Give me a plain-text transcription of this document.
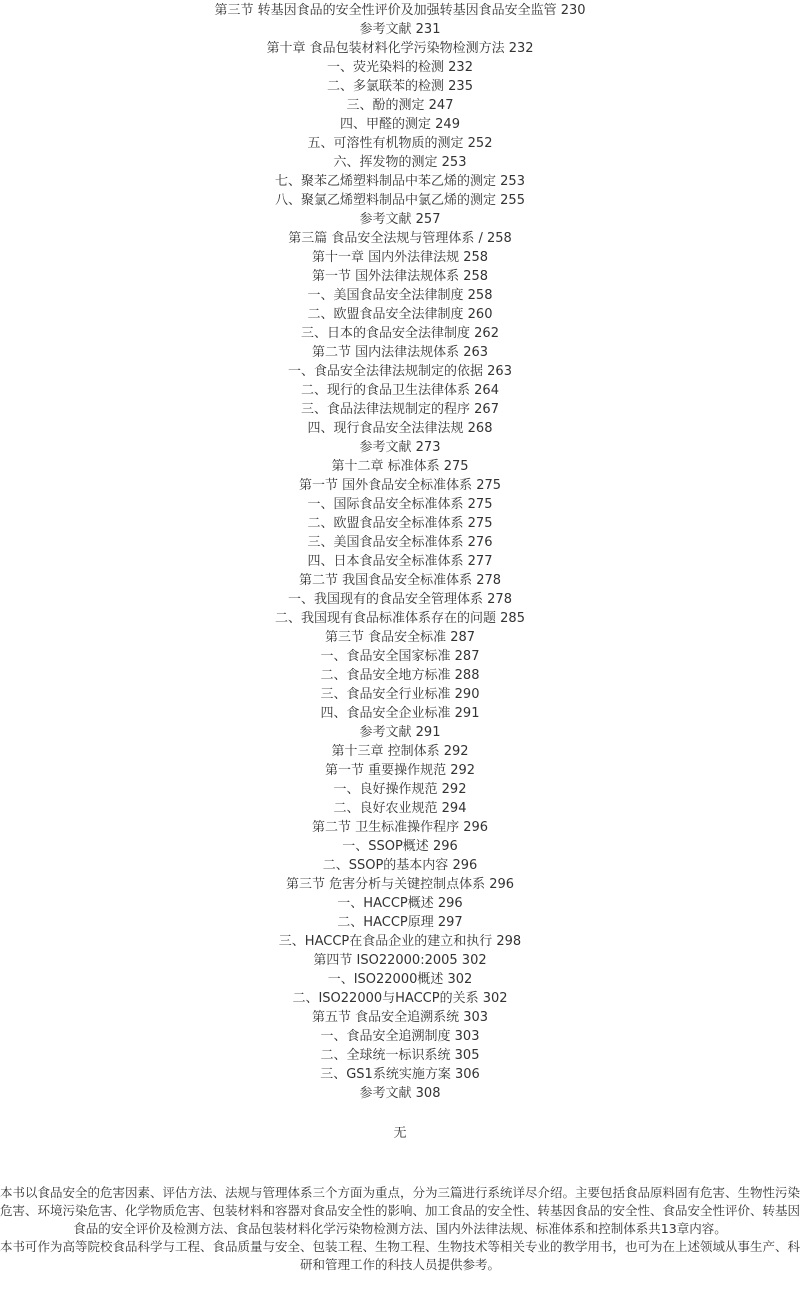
第三节 转基因食品的安全性评价及加强转基因食品安全监管 230
参考文献 231
第十章 食品包装材料化学污染物检测方法 232
一、荧光染料的检测 232
二、多氯联苯的检测 235
三、酚的测定 247
四、甲醛的测定 249
五、可溶性有机物质的测定 252
六、挥发物的测定 253
七、聚苯乙烯塑料制品中苯乙烯的测定 253
八、聚氯乙烯塑料制品中氯乙烯的测定 255
参考文献 257
第三篇 食品安全法规与管理体系 / 258
第十一章 国内外法律法规 258
第一节 国外法律法规体系 258
一、美国食品安全法律制度 258
二、欧盟食品安全法律制度 260
三、日本的食品安全法律制度 262
第二节 国内法律法规体系 263
一、食品安全法律法规制定的依据 263
二、现行的食品卫生法律体系 264
三、食品法律法规制定的程序 267
四、现行食品安全法律法规 268
参考文献 273
第十二章 标准体系 275
第一节 国外食品安全标准体系 275
一、国际食品安全标准体系 275
二、欧盟食品安全标准体系 275
三、美国食品安全标准体系 276
四、日本食品安全标准体系 277
第二节 我国食品安全标准体系 278
一、我国现有的食品安全管理体系 278
二、我国现有食品标准体系存在的问题 285
第三节 食品安全标准 287
一、食品安全国家标准 287
二、食品安全地方标准 288
三、食品安全行业标准 290
四、食品安全企业标准 291
参考文献 291
第十三章 控制体系 292
第一节 重要操作规范 292
一、良好操作规范 292
二、良好农业规范 294
第二节 卫生标准操作程序 296
一、SSOP概述 296
二、SSOP的基本内容 296
第三节 危害分析与关键控制点体系 296
一、HACCP概述 296
二、HACCP原理 297
三、HACCP在食品企业的建立和执行 298
第四节 ISO22000:2005 302
一、ISO22000概述 302
二、ISO22000与HACCP的关系 302
第五节 食品安全追溯系统 303
一、食品安全追溯制度 303
二、全球统一标识系统 305
三、GS1系统实施方案 306
参考文献 308
无

本书以食品安全的危害因素、评估方法、法规与管理体系三个方面为重点，分为三篇进行系统详尽介绍。主要包括食品原料固有危害、生物性污染危害、环境污染危害、化学物质危害、包装材料和容器对食品安全性的影响、加工食品的安全性、转基因食品的安全性、食品安全性评价、转基因食品的安全评价及检测方法、食品包装材料化学污染物检测方法、国内外法律法规、标准体系和控制体系共13章内容。

本书可作为高等院校食品科学与工程、食品质量与安全、包装工程、生物工程、生物技术等相关专业的教学用书，也可为在上述领域从事生产、科研和管理工作的科技人员提供参考。
